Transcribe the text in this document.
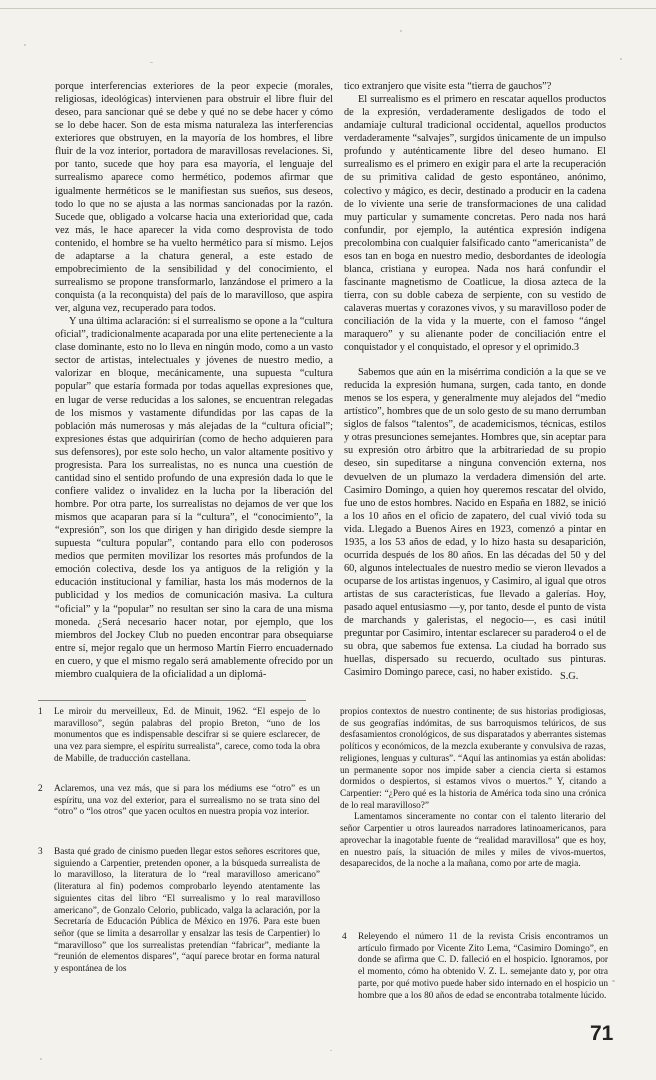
porque interferencias exteriores de la peor expecie (morales, religiosas, ideológicas) intervienen para obstruir el libre fluir del deseo, para sancionar qué se debe y qué no se debe hacer y cómo se lo debe hacer. Son de esta misma naturaleza las interferencias exteriores que obstruyen, en la mayoría de los hombres, el libre fluir de la voz interior, portadora de maravillosas revelaciones. Si, por tanto, sucede que hoy para esa mayoría, el lenguaje del surrealismo aparece como hermético, podemos afirmar que igualmente herméticos se le manifiestan sus sueños, sus deseos, todo lo que no se ajusta a las normas sancionadas por la razón. Sucede que, obligado a volcarse hacia una exterioridad que, cada vez más, le hace aparecer la vida como desprovista de todo contenido, el hombre se ha vuelto hermético para sí mismo. Lejos de adaptarse a la chatura general, a este estado de empobrecimiento de la sensibilidad y del conocimiento, el surrealismo se propone transformarlo, lanzándose el primero a la conquista (a la reconquista) del país de lo maravilloso, que aspira ver, alguna vez, recuperado para todos.

Y una última aclaración: si el surrealismo se opone a la “cultura oficial”, tradicionalmente acaparada por una elite perteneciente a la clase dominante, esto no lo lleva en ningún modo, como a un vasto sector de artistas, intelectuales y jóvenes de nuestro medio, a valorizar en bloque, mecánicamente, una supuesta “cultura popular” que estaría formada por todas aquellas expresiones que, en lugar de verse reducidas a los salones, se encuentran relegadas de los mismos y vastamente difundidas por las capas de la población más numerosas y más alejadas de la “cultura oficial”; expresiones éstas que adquirirían (como de hecho adquieren para sus defensores), por este solo hecho, un valor altamente positivo y progresista. Para los surrealistas, no es nunca una cuestión de cantidad sino el sentido profundo de una expresión dada lo que le confiere validez o invalidez en la lucha por la liberación del hombre. Por otra parte, los surrealistas no dejamos de ver que los mismos que acaparan para sí la “cultura”, el “conocimiento”, la “expresión”, son los que dirigen y han dirigido desde siempre la supuesta “cultura popular”, contando para ello con poderosos medios que permiten movilizar los resortes más profundos de la emoción colectiva, desde los ya antiguos de la religión y la educación institucional y familiar, hasta los más modernos de la publicidad y los medios de comunicación masiva. La cultura “oficial” y la “popular” no resultan ser sino la cara de una misma moneda. ¿Será necesario hacer notar, por ejemplo, que los miembros del Jockey Club no pueden encontrar para obsequiarse entre sí, mejor regalo que un hermoso Martín Fierro encuadernado en cuero, y que el mismo regalo será amablemente ofrecido por un miembro cualquiera de la oficialidad a un diplomá-

tico extranjero que visite esta “tierra de gauchos”?

El surrealismo es el primero en rescatar aquellos productos de la expresión, verdaderamente desligados de todo el andamiaje cultural tradicional occidental, aquellos productos verdaderamente “salvajes”, surgidos únicamente de un impulso profundo y auténticamente libre del deseo humano. El surrealismo es el primero en exigir para el arte la recuperación de su primitiva calidad de gesto espontáneo, anónimo, colectivo y mágico, es decir, destinado a producir en la cadena de lo viviente una serie de transformaciones de una calidad muy particular y sumamente concretas. Pero nada nos hará confundir, por ejemplo, la auténtica expresión indígena precolombina con cualquier falsificado canto “americanista” de esos tan en boga en nuestro medio, desbordantes de ideología blanca, cristiana y europea. Nada nos hará confundir el fascinante magnetismo de Coatlicue, la diosa azteca de la tierra, con su doble cabeza de serpiente, con su vestido de calaveras muertas y corazones vivos, y su maravilloso poder de conciliación de la vida y la muerte, con el famoso “ángel maraquero” y su alienante poder de conciliación entre el conquistador y el conquistado, el opresor y el oprimido.3

Sabemos que aún en la misérrima condición a la que se ve reducida la expresión humana, surgen, cada tanto, en donde menos se los espera, y generalmente muy alejados del “medio artístico”, hombres que de un solo gesto de su mano derrumban siglos de falsos “talentos”, de academicismos, técnicas, estilos y otras presunciones semejantes. Hombres que, sin aceptar para su expresión otro árbitro que la arbitrariedad de su propio deseo, sin supeditarse a ninguna convención externa, nos devuelven de un plumazo la verdadera dimensión del arte. Casimiro Domingo, a quien hoy queremos rescatar del olvido, fue uno de estos hombres. Nacido en España en 1882, se inició a los 10 años en el oficio de zapatero, del cual vivió toda su vida. Llegado a Buenos Aires en 1923, comenzó a pintar en 1935, a los 53 años de edad, y lo hizo hasta su desaparición, ocurrida después de los 80 años. En las décadas del 50 y del 60, algunos intelectuales de nuestro medio se vieron llevados a ocuparse de los artistas ingenuos, y Casimiro, al igual que otros artistas de sus características, fue llevado a galerías. Hoy, pasado aquel entusiasmo —y, por tanto, desde el punto de vista de marchands y galeristas, el negocio—, es casi inútil preguntar por Casimiro, intentar esclarecer su paradero4 o el de su obra, que sabemos fue extensa. La ciudad ha borrado sus huellas, dispersado su recuerdo, ocultado sus pinturas. Casimiro Domingo parece, casi, no haber existido. S.G.
1 Le miroir du merveilleux, Ed. de Minuit, 1962. “El espejo de lo maravilloso”, según palabras del propio Breton, “uno de los monumentos que es indispensable descifrar si se quiere esclarecer, de una vez para siempre, el espíritu surrealista”, carece, como toda la obra de Mabille, de traducción castellana.
2 Aclaremos, una vez más, que si para los médiums ese “otro” es un espíritu, una voz del exterior, para el surrealismo no se trata sino del “otro” o “los otros” que yacen ocultos en nuestra propia voz interior.
3 Basta qué grado de cinismo pueden llegar estos señores escritores que, siguiendo a Carpentier, pretenden oponer, a la búsqueda surrealista de lo maravilloso, la literatura de lo “real maravilloso americano” (literatura al fin) podemos comprobarlo leyendo atentamente las siguientes citas del libro “El surrealismo y lo real maravilloso americano”, de Gonzalo Celorio, publicado, valga la aclaración, por la Secretaría de Educación Pública de México en 1976. Para este buen señor (que se limita a desarrollar y ensalzar las tesis de Carpentier) lo “maravilloso” que los surrealistas pretendían “fabricar”, mediante la “reunión de elementos dispares”, “aquí parece brotar en forma natural y espontánea de los

propios contextos de nuestro continente; de sus historias prodigiosas, de sus geografías indómitas, de sus barroquismos telúricos, de sus desfasamientos cronológicos, de sus disparatados y aberrantes sistemas políticos y económicos, de la mezcla exuberante y convulsiva de razas, religiones, lenguas y culturas”. “Aquí las antinomias ya están abolidas: un permanente sopor nos impide saber a ciencia cierta si estamos dormidos o despiertos, si estamos vivos o muertos.” Y, citando a Carpentier: “¿Pero qué es la historia de América toda sino una crónica de lo real maravilloso?”

Lamentamos sinceramente no contar con el talento literario del señor Carpentier u otros laureados narradores latinoamericanos, para aprovechar la inagotable fuente de “realidad maravillosa” que es hoy, en nuestro país, la situación de miles y miles de vivos-muertos, desaparecidos, de la noche a la mañana, como por arte de magia.

4 Releyendo el número 11 de la revista Crisis encontramos un artículo firmado por Vicente Zito Lema, “Casimiro Domingo”, en donde se afirma que C. D. falleció en el hospicio. Ignoramos, por el momento, cómo ha obtenido V. Z. L. semejante dato y, por otra parte, por qué motivo puede haber sido internado en el hospicio un hombre que a los 80 años de edad se encontraba totalmente lúcido.
71
